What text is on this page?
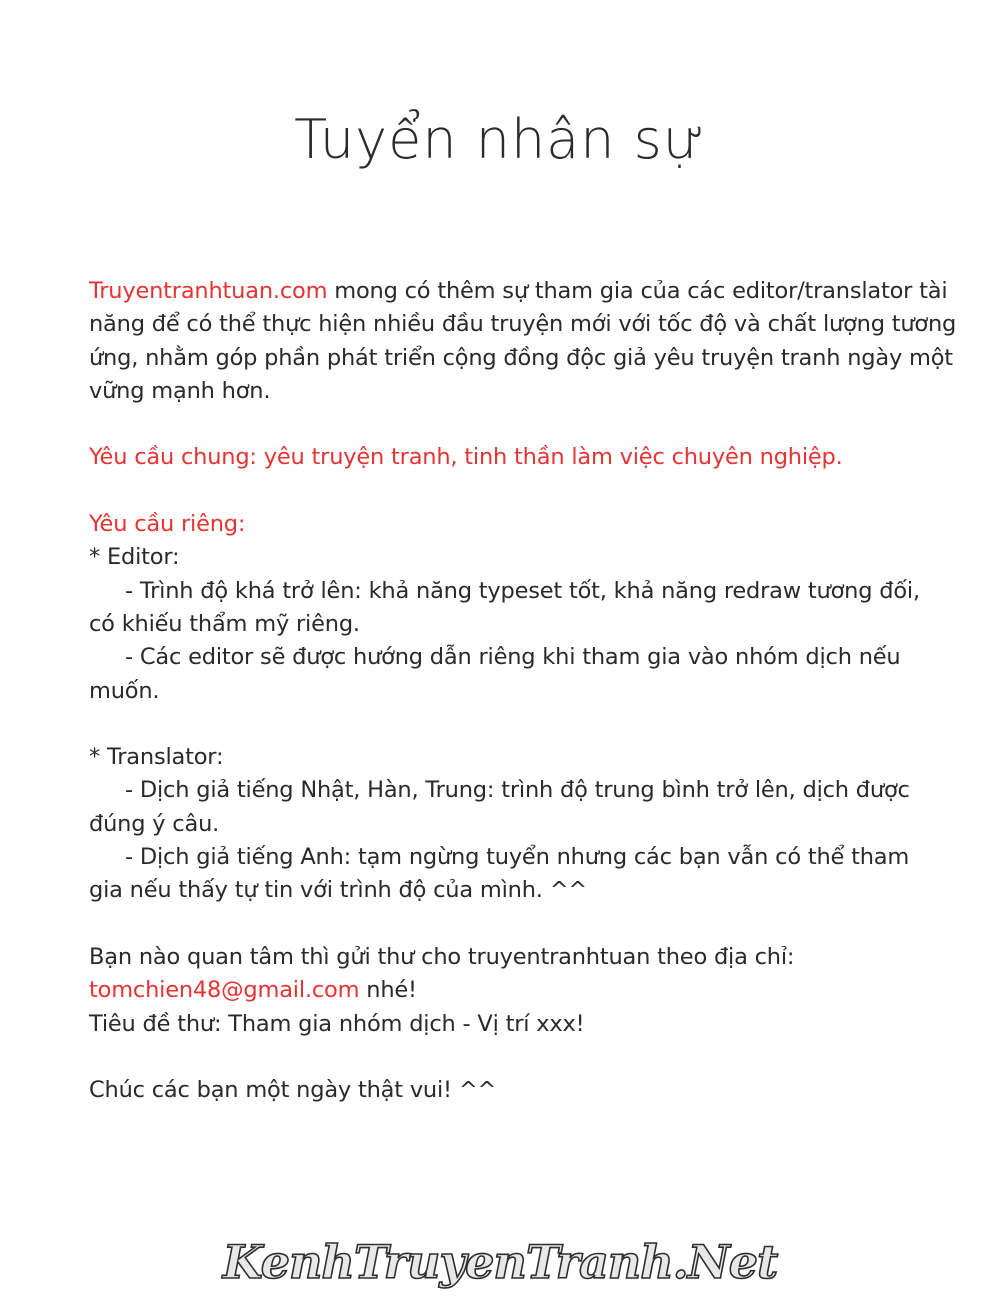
Tuyển nhân sự
Truyentranhtuan.com mong có thêm sự tham gia của các editor/translator tài
năng để có thể thực hiện nhiều đầu truyện mới với tốc độ và chất lượng tương
ứng, nhằm góp phần phát triển cộng đồng độc giả yêu truyện tranh ngày một
vững mạnh hơn.
Yêu cầu chung: yêu truyện tranh, tinh thần làm việc chuyên nghiệp.
Yêu cầu riêng:
* Editor:
- Trình độ khá trở lên: khả năng typeset tốt, khả năng redraw tương đối,
có khiếu thẩm mỹ riêng.
- Các editor sẽ được hướng dẫn riêng khi tham gia vào nhóm dịch nếu
muốn.
* Translator:
- Dịch giả tiếng Nhật, Hàn, Trung: trình độ trung bình trở lên, dịch được
đúng ý câu.
- Dịch giả tiếng Anh: tạm ngừng tuyển nhưng các bạn vẫn có thể tham
gia nếu thấy tự tin với trình độ của mình. ^^
Bạn nào quan tâm thì gửi thư cho truyentranhtuan theo địa chỉ:
tomchien48@gmail.com nhé!
Tiêu đề thư: Tham gia nhóm dịch - Vị trí xxx!
Chúc các bạn một ngày thật vui! ^^
KenhTruyenTranh.Net
